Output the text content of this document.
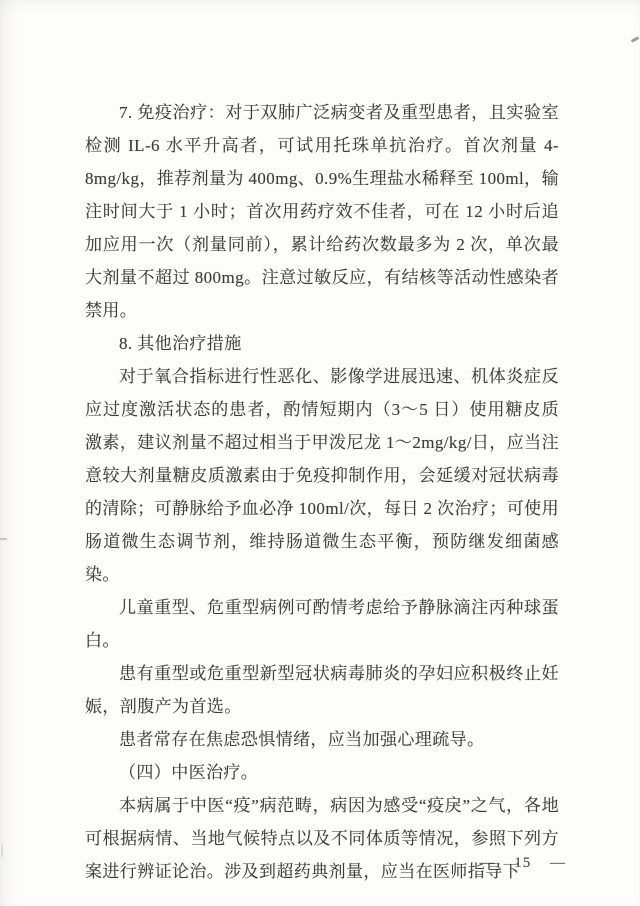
7. 免疫治疗：对于双肺广泛病变者及重型患者，且实验室检测 IL-6 水平升高者，可试用托珠单抗治疗。首次剂量 4-8mg/kg，推荐剂量为 400mg、0.9%生理盐水稀释至 100ml，输注时间大于 1 小时；首次用药疗效不佳者，可在 12 小时后追加应用一次（剂量同前），累计给药次数最多为 2 次，单次最大剂量不超过 800mg。注意过敏反应，有结核等活动性感染者禁用。

8. 其他治疗措施

对于氧合指标进行性恶化、影像学进展迅速、机体炎症反应过度激活状态的患者，酌情短期内（3～5 日）使用糖皮质激素，建议剂量不超过相当于甲泼尼龙 1～2mg/kg/日，应当注意较大剂量糖皮质激素由于免疫抑制作用，会延缓对冠状病毒的清除；可静脉给予血必净 100ml/次，每日 2 次治疗；可使用肠道微生态调节剂，维持肠道微生态平衡，预防继发细菌感染。

儿童重型、危重型病例可酌情考虑给予静脉滴注丙种球蛋白。

患有重型或危重型新型冠状病毒肺炎的孕妇应积极终止妊娠，剖腹产为首选。

患者常存在焦虑恐惧情绪，应当加强心理疏导。

（四）中医治疗。

本病属于中医“疫”病范畴，病因为感受“疫戾”之气，各地可根据病情、当地气候特点以及不同体质等情况，参照下列方案进行辨证论治。涉及到超药典剂量，应当在医师指导下

— 15 —
